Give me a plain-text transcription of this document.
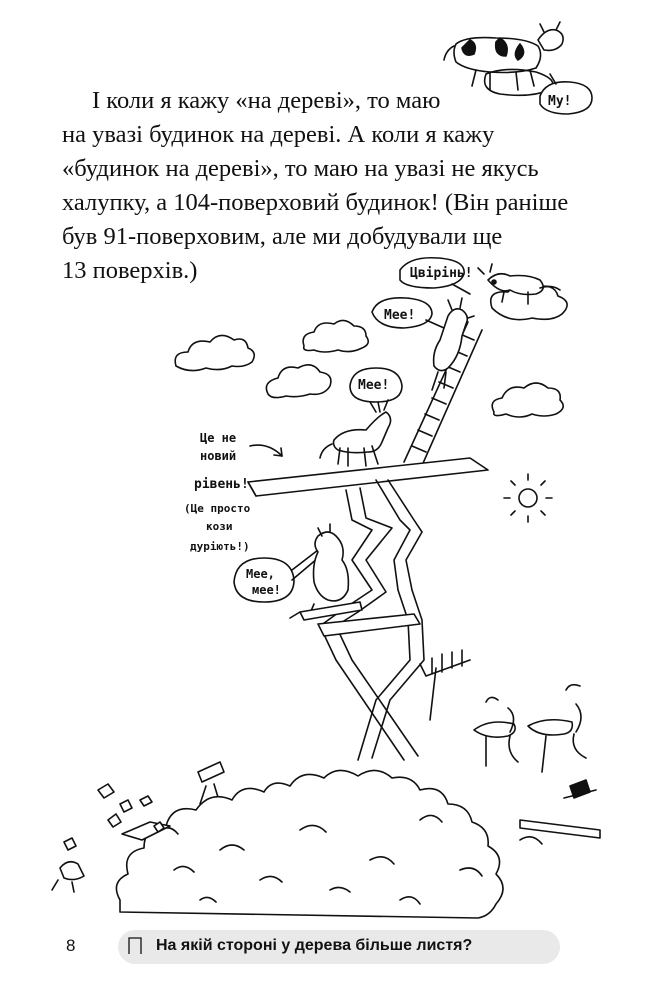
І коли я кажу «на дереві», то маю
на увазі будинок на дереві. А коли я кажу
«будинок на дереві», то маю на увазі не якусь
халупку, а 104-поверховий будинок! (Він раніше
був 91-поверховим, але ми добудували ще
13 поверхів.)
Му!
Цвірінь!
Мее!
Мее!
Це не
новий
рівень!
(Це просто
кози
дуріють!)
Мее,
мее!
8	На якій стороні у дерева більше листя?
